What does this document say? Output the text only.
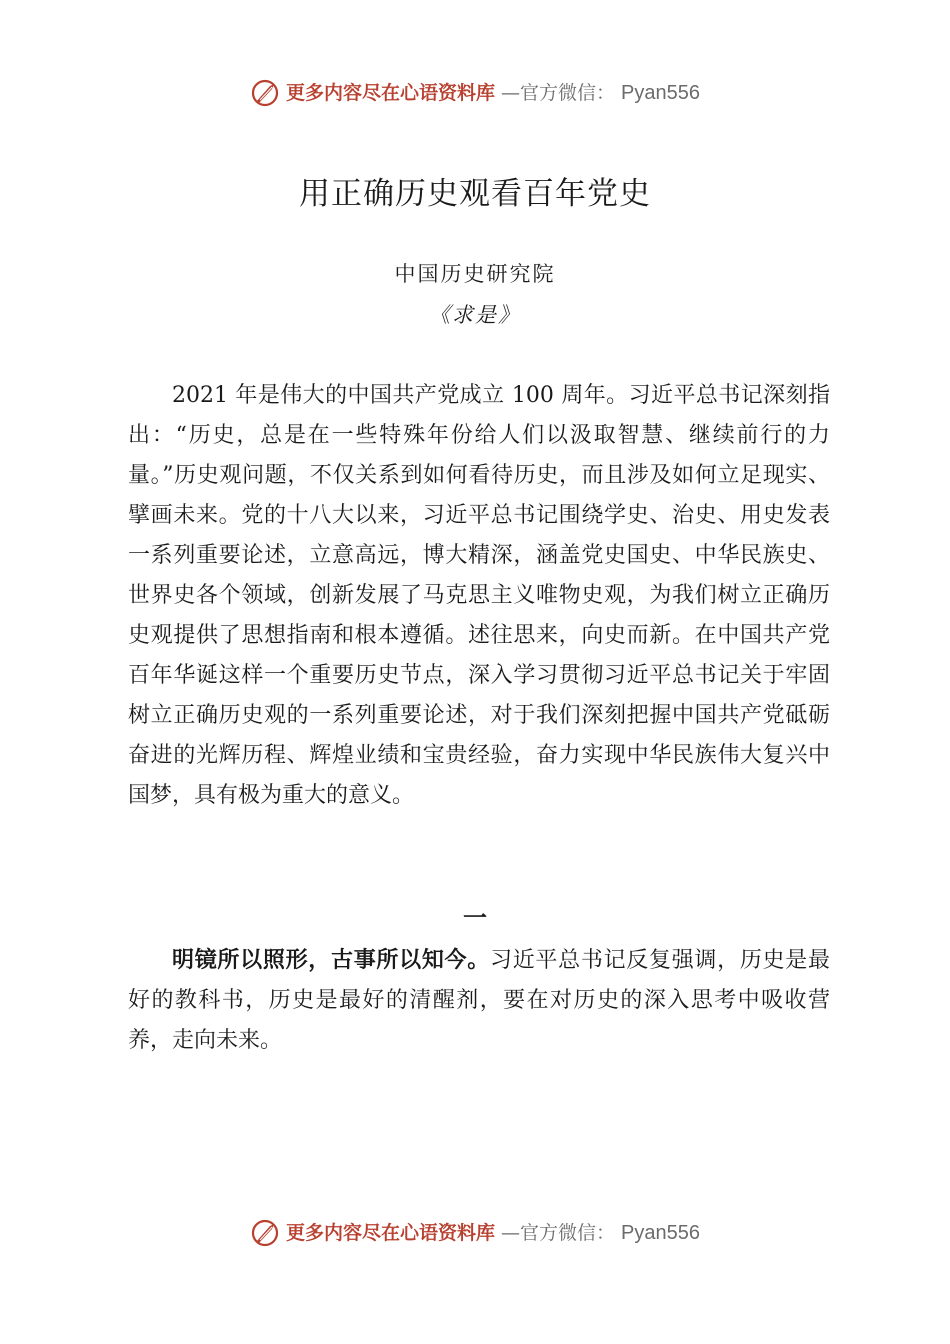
更多内容尽在心语资料库 —官方微信： Pyan556
用正确历史观看百年党史
中国历史研究院
《求是》

2021 年是伟大的中国共产党成立 100 周年。习近平总书记深刻指出：“历史，总是在一些特殊年份给人们以汲取智慧、继续前行的力量。”历史观问题，不仅关系到如何看待历史，而且涉及如何立足现实、擘画未来。党的十八大以来，习近平总书记围绕学史、治史、用史发表一系列重要论述，立意高远，博大精深，涵盖党史国史、中华民族史、世界史各个领域，创新发展了马克思主义唯物史观，为我们树立正确历史观提供了思想指南和根本遵循。述往思来，向史而新。在中国共产党百年华诞这样一个重要历史节点，深入学习贯彻习近平总书记关于牢固树立正确历史观的一系列重要论述，对于我们深刻把握中国共产党砥砺奋进的光辉历程、辉煌业绩和宝贵经验，奋力实现中华民族伟大复兴中国梦，具有极为重大的意义。

一

明镜所以照形，古事所以知今。习近平总书记反复强调，历史是最好的教科书，历史是最好的清醒剂，要在对历史的深入思考中吸收营养，走向未来。

更多内容尽在心语资料库 —官方微信： Pyan556
